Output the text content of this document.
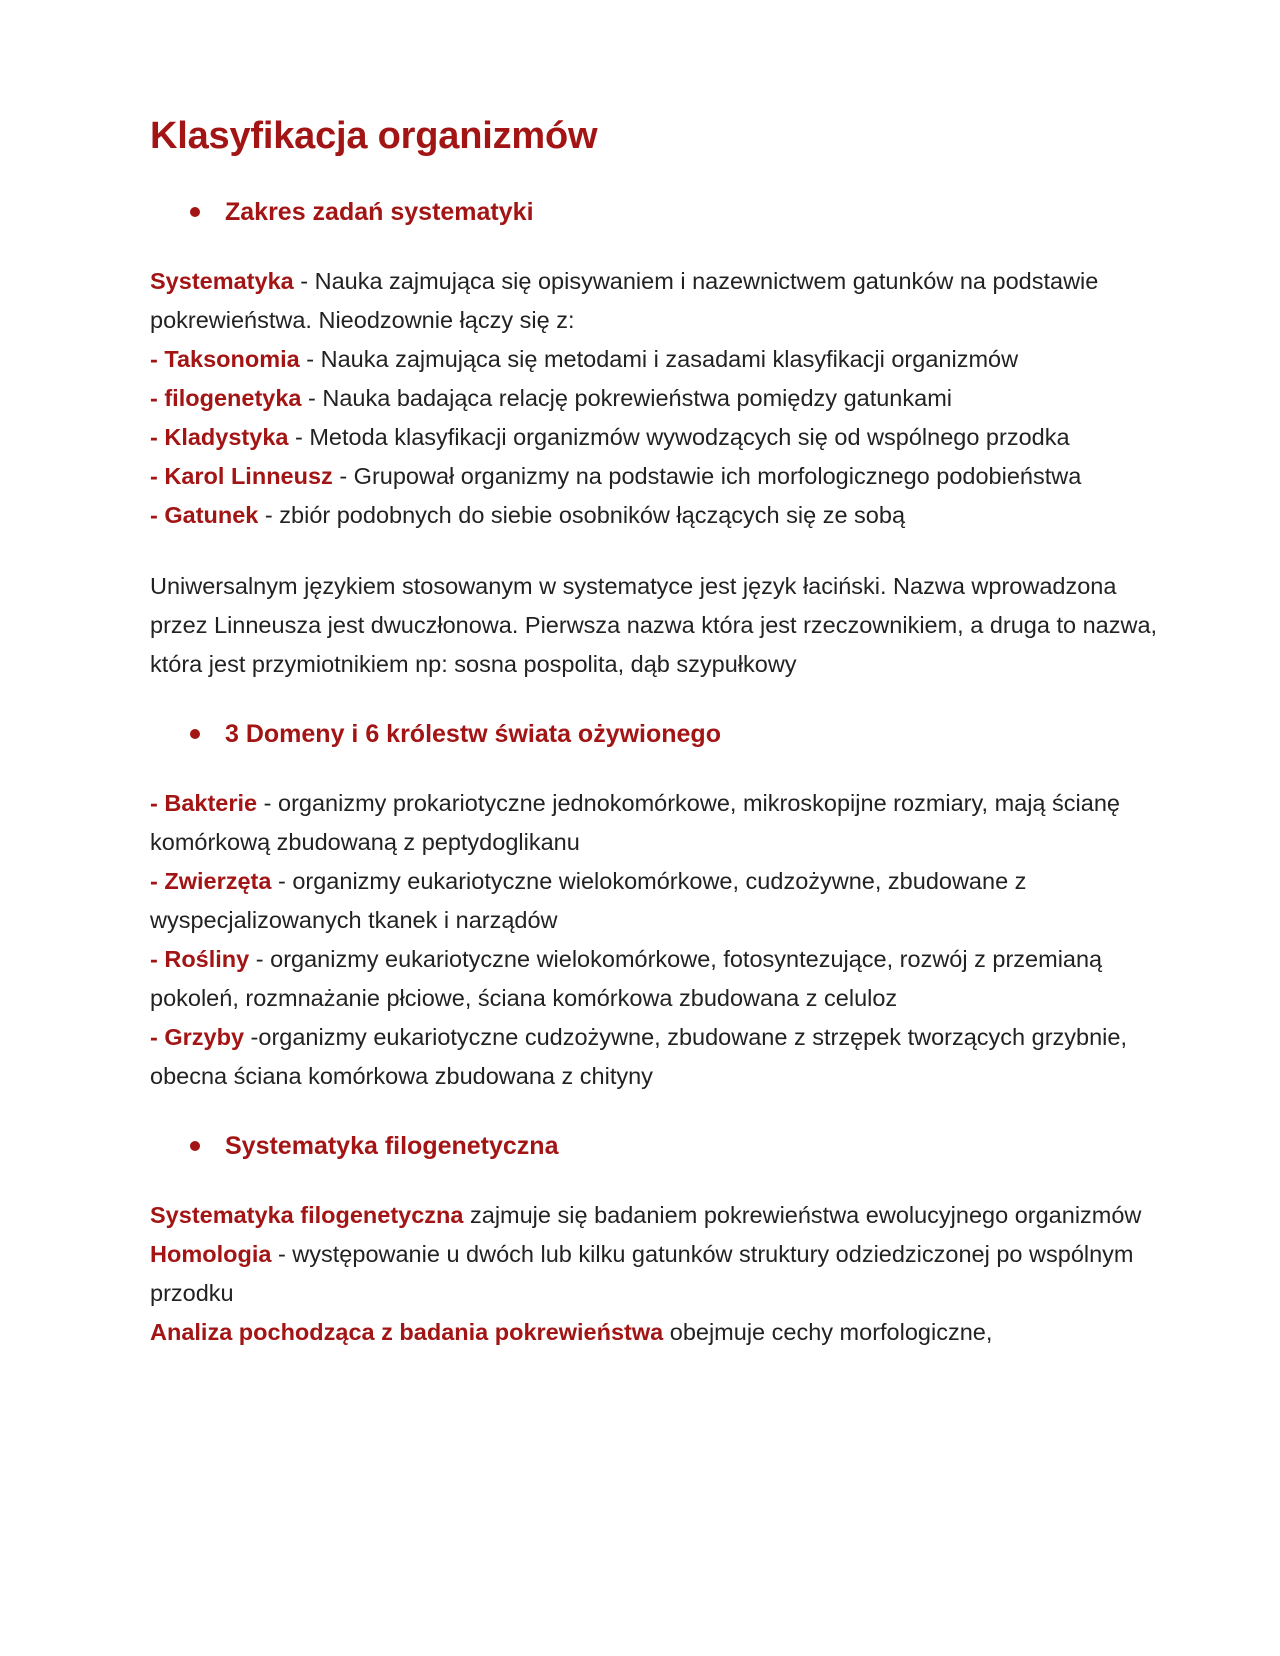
Klasyfikacja organizmów
Zakres zadań systematyki

Systematyka - Nauka zajmująca się opisywaniem i nazewnictwem gatunków na podstawie pokrewieństwa. Nieodzownie łączy się z:
- Taksonomia - Nauka zajmująca się metodami i zasadami klasyfikacji organizmów
- filogenetyka - Nauka badająca relację pokrewieństwa pomiędzy gatunkami
- Kladystyka - Metoda klasyfikacji organizmów wywodzących się od wspólnego przodka
- Karol Linneusz - Grupował organizmy na podstawie ich morfologicznego podobieństwa
- Gatunek - zbiór podobnych do siebie osobników łączących się ze sobą

Uniwersalnym językiem stosowanym w systematyce jest język łaciński. Nazwa wprowadzona przez Linneusza jest dwuczłonowa. Pierwsza nazwa która jest rzeczownikiem, a druga to nazwa, która jest przymiotnikiem np: sosna pospolita, dąb szypułkowy

3 Domeny i 6 królestw świata ożywionego

- Bakterie - organizmy prokariotyczne jednokomórkowe, mikroskopijne rozmiary, mają ścianę komórkową zbudowaną z peptydoglikanu
- Zwierzęta - organizmy eukariotyczne wielokomórkowe, cudzożywne, zbudowane z wyspecjalizowanych tkanek i narządów
- Rośliny - organizmy eukariotyczne wielokomórkowe, fotosyntezujące, rozwój z przemianą pokoleń, rozmnażanie płciowe, ściana komórkowa zbudowana z celuloz
- Grzyby -organizmy eukariotyczne cudzożywne, zbudowane z strzępek tworzących grzybnie, obecna ściana komórkowa zbudowana z chityny

Systematyka filogenetyczna

Systematyka filogenetyczna zajmuje się badaniem pokrewieństwa ewolucyjnego organizmów
Homologia - występowanie u dwóch lub kilku gatunków struktury odziedziczonej po wspólnym przodku
Analiza pochodząca z badania pokrewieństwa obejmuje cechy morfologiczne,
